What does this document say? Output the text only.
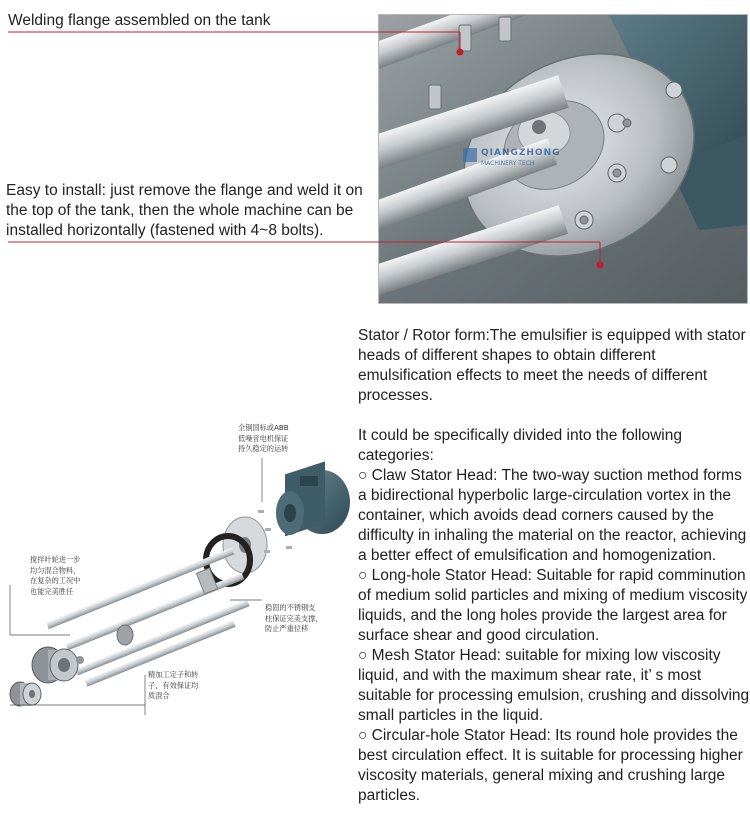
Welding flange assembled on the tank
Easy to install: just remove the flange and weld it on the top of the tank, then the whole machine can be installed horizontally (fastened with 4~8 bolts).
QIANGZHONG
MACHINERY TECH
全铜国标或ABB
低噪音电机保证
持久稳定的运转
搅拌叶轮进一步
均匀混合物料，
在复杂的工况中
也能完美胜任
稳固的不锈钢支
柱保证完美支撑，
防止严重位移
精加工定子和转
子，有效保证均
质混合

Stator / Rotor form:The emulsifier is equipped with stator heads of different shapes to obtain different emulsification effects to meet the needs of different processes.

It could be specifically divided into the following categories:

○ Claw Stator Head: The two-way suction method forms a bidirectional hyperbolic large-circulation vortex in the container, which avoids dead corners caused by the difficulty in inhaling the material on the reactor, achieving a better effect of emulsification and homogenization.

○ Long-hole Stator Head: Suitable for rapid comminution of medium solid particles and mixing of medium viscosity liquids, and the long holes provide the largest area for surface shear and good circulation.

○ Mesh Stator Head: suitable for mixing low viscosity liquid, and with the maximum shear rate, it’ s most suitable for processing emulsion, crushing and dissolving small particles in the liquid.

○ Circular-hole Stator Head: Its round hole provides the best circulation effect. It is suitable for processing higher viscosity materials, general mixing and crushing large particles.
